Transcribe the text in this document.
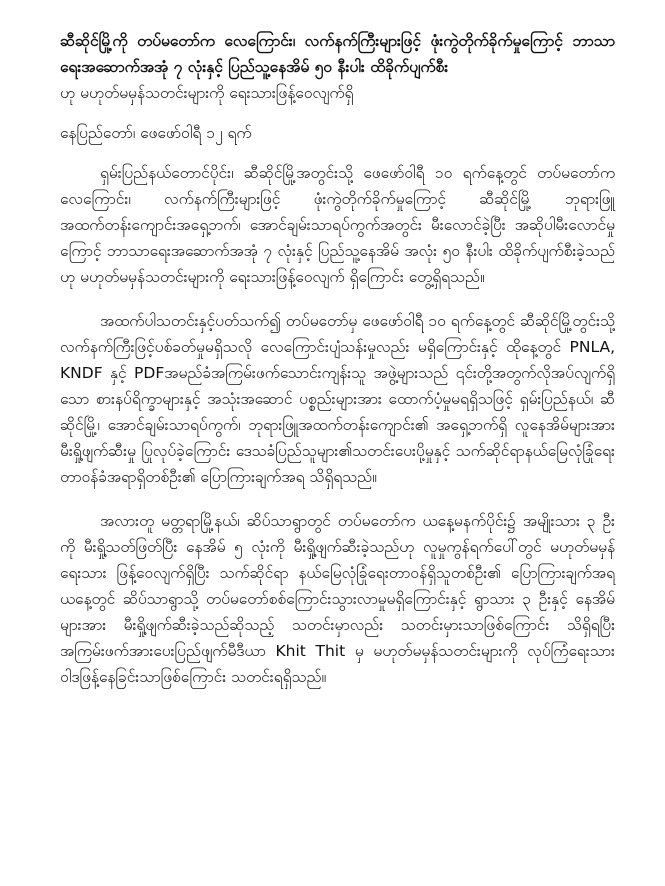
ဆီဆိုင်မြို့ကို တပ်မတော်က လေကြောင်း၊ လက်နက်ကြီးများဖြင့် ဖုံးကွဲတိုက်ခိုက်မှုကြောင့် ဘာသာရေးအဆောက်အအုံ ၇ လုံးနှင့် ပြည်သူ့နေအိမ် ၅၀ နီးပါး ထိခိုက်ပျက်စီး

ဟု မဟုတ်မမှန်သတင်းများကို ရေးသားဖြန့်ဝေလျက်ရှိ

နေပြည်တော်၊ ဖေဖော်ဝါရီ ၁၂ ရက်

ရှမ်းပြည်နယ်တောင်ပိုင်း၊ ဆီဆိုင်မြို့အတွင်းသို့ ဖေဖော်ဝါရီ ၁၀ ရက်နေ့တွင် တပ်မတော်က လေကြောင်း၊ လက်နက်ကြီးများဖြင့် ဖုံးကွဲတိုက်ခိုက်မှုကြောင့် ဆီဆိုင်မြို့ ဘုရားဖြူ အထက်တန်းကျောင်းအရှေ့ဘက်၊ အောင်ချမ်းသာရပ်ကွက်အတွင်း မီးလောင်ခဲ့ပြီး အဆိုပါမီးလောင်မှုကြောင့် ဘာသာရေးအဆောက်အအုံ ၇ လုံးနှင့် ပြည်သူ့နေအိမ် အလုံး ၅၀ နီးပါး ထိခိုက်ပျက်စီးခဲ့သည် ဟု မဟုတ်မမှန်သတင်းများကို ရေးသားဖြန့်ဝေလျက် ရှိကြောင်း တွေ့ရှိရသည်။

အထက်ပါသတင်းနှင့်ပတ်သက်၍ တပ်မတော်မှ ဖေဖော်ဝါရီ ၁၀ ရက်နေ့တွင် ဆီဆိုင်မြို့တွင်းသို့ လက်နက်ကြီးဖြင့်ပစ်ခတ်မှုမရှိသလို လေကြောင်းပျံသန်းမှုလည်း မရှိကြောင်းနှင့် ထိုနေ့တွင် PNLA, KNDF နှင့် PDFအမည်ခံအကြမ်းဖက်သောင်းကျန်းသူ အဖွဲ့များသည် ၎င်းတို့အတွက်လိုအပ်လျက်ရှိသော စားနပ်ရိက္ခာများနှင့် အသုံးအဆောင် ပစ္စည်းများအား ထောက်ပံ့မှုမရရှိသဖြင့် ရှမ်းပြည်နယ်၊ ဆီဆိုင်မြို့၊ အောင်ချမ်းသာရပ်ကွက်၊ ဘုရားဖြူအထက်တန်းကျောင်း၏ အရှေ့ဘက်ရှိ လူနေအိမ်များအား မီးရှို့ဖျက်ဆီးမှု ပြုလုပ်ခဲ့ကြောင်း ဒေသခံပြည်သူများ၏သတင်းပေးပို့မှုနှင့် သက်ဆိုင်ရာနယ်မြေလုံခြုံရေး တာဝန်ခံအရာရှိတစ်ဦး၏ ပြောကြားချက်အရ သိရှိရသည်။

အလားတူ မတ္တရာမြို့နယ်၊ ဆိပ်သာရွာတွင် တပ်မတော်က ယနေ့မနက်ပိုင်း၌ အမျိုးသား ၃ ဦးကို မီးရှို့သတ်ဖြတ်ပြီး နေအိမ် ၅ လုံးကို မီးရှို့ဖျက်ဆီးခဲ့သည်ဟု လူမှုကွန်ရက်ပေါ်တွင် မဟုတ်မမှန်ရေးသား ဖြန့်ဝေလျက်ရှိပြီး သက်ဆိုင်ရာ နယ်မြေလုံခြုံရေးတာဝန်ရှိသူတစ်ဦး၏ ပြောကြားချက်အရ ယနေ့တွင် ဆိပ်သာရွာသို့ တပ်မတော်စစ်ကြောင်းသွားလာမှုမရှိကြောင်းနှင့် ရွာသား ၃ ဦးနှင့် နေအိမ်များအား မီးရှို့ဖျက်ဆီးခဲ့သည်ဆိုသည့် သတင်းမှာလည်း သတင်းမှားသာဖြစ်ကြောင်း သိရှိရပြီး အကြမ်းဖက်အားပေးပြည်ဖျက်မီဒီယာ Khit Thit မှ မဟုတ်မမှန်သတင်းများကို လုပ်ကြံရေးသား ဝါဒဖြန့်နေခြင်းသာဖြစ်ကြောင်း သတင်းရရှိသည်။
